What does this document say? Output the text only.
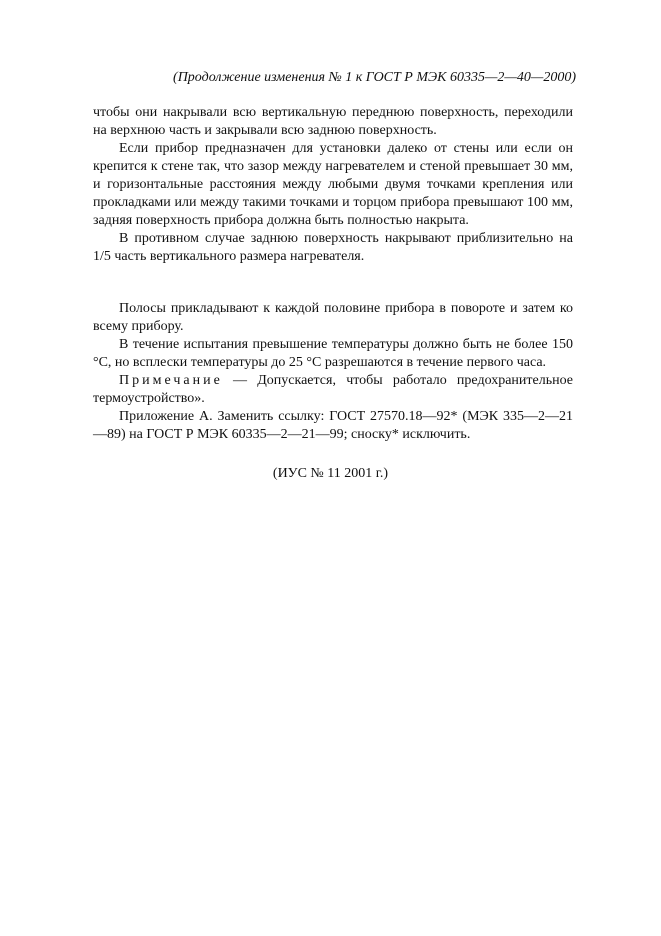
(Продолжение изменения № 1 к ГОСТ Р МЭК 60335—2—40—2000)

чтобы они накрывали всю вертикальную переднюю поверхность, переходили на верхнюю часть и закрывали всю заднюю поверхность.

Если прибор предназначен для установки далеко от стены или если он крепится к стене так, что зазор между нагревателем и стеной превышает 30 мм, и горизонтальные расстояния между любыми двумя точками крепления или прокладками или между такими точками и торцом прибора превышают 100 мм, задняя поверхность прибора должна быть полностью накрыта.

В противном случае заднюю поверхность накрывают приблизительно на 1/5 часть вертикального размера нагревателя.

Полосы прикладывают к каждой половине прибора в повороте и затем ко всему прибору.

В течение испытания превышение температуры должно быть не более 150 °С, но всплески температуры до 25 °С разрешаются в течение первого часа.

Примечание — Допускается, чтобы работало предохранительное термоустройство».

Приложение А. Заменить ссылку: ГОСТ 27570.18—92* (МЭК 335—2—21—89) на ГОСТ Р МЭК 60335—2—21—99; сноску* исключить.

(ИУС № 11 2001 г.)
